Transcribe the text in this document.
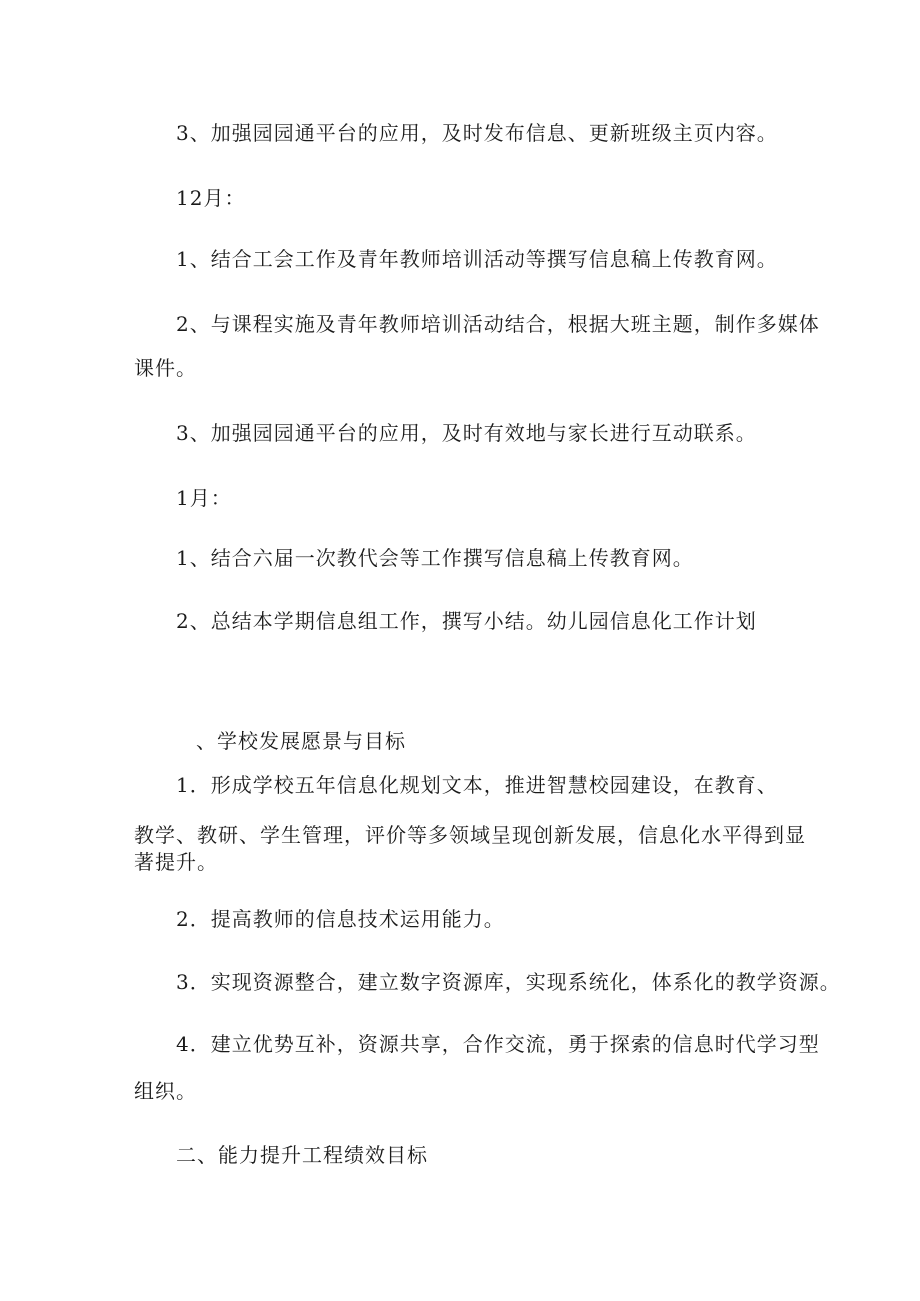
3、加强园园通平台的应用，及时发布信息、更新班级主页内容。
12月：
1、结合工会工作及青年教师培训活动等撰写信息稿上传教育网。
2、与课程实施及青年教师培训活动结合，根据大班主题，制作多媒体
课件。
3、加强园园通平台的应用，及时有效地与家长进行互动联系。
1月：
1、结合六届一次教代会等工作撰写信息稿上传教育网。
2、总结本学期信息组工作，撰写小结。幼儿园信息化工作计划
、学校发展愿景与目标
1．形成学校五年信息化规划文本，推进智慧校园建设，在教育、
教学、教研、学生管理，评价等多领域呈现创新发展，信息化水平得到显
著提升。
2．提高教师的信息技术运用能力。
3．实现资源整合，建立数字资源库，实现系统化，体系化的教学资源。
4．建立优势互补，资源共享，合作交流，勇于探索的信息时代学习型
组织。
二、能力提升工程绩效目标
